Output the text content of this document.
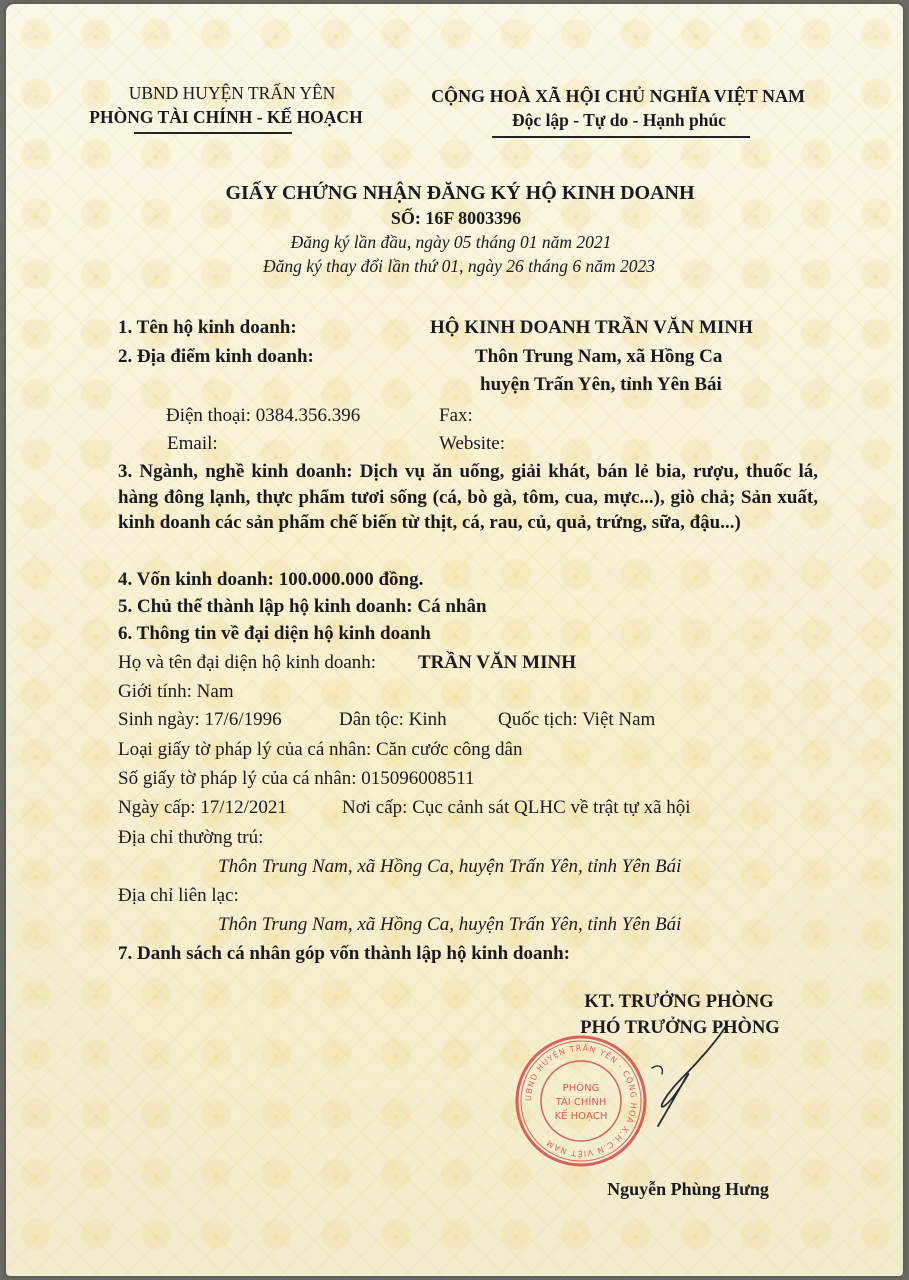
UBND HUYỆN TRẤN YÊN
PHÒNG TÀI CHÍNH - KẾ HOẠCH
CỘNG HOÀ XÃ HỘI CHỦ NGHĨA VIỆT NAM
Độc lập - Tự do - Hạnh phúc
GIẤY CHỨNG NHẬN ĐĂNG KÝ HỘ KINH DOANH
SỐ: 16F 8003396
Đăng ký lần đầu, ngày 05 tháng 01 năm 2021
Đăng ký thay đổi lần thứ 01, ngày 26 tháng 6 năm 2023
1. Tên hộ kinh doanh:	HỘ KINH DOANH TRẦN VĂN MINH
2. Địa điểm kinh doanh:	Thôn Trung Nam, xã Hồng Ca
huyện Trấn Yên, tỉnh Yên Bái
Điện thoại: 0384.356.396	Fax:
Email:	Website:
3. Ngành, nghề kinh doanh: Dịch vụ ăn uống, giải khát, bán lẻ bia, rượu, thuốc lá, hàng đông lạnh, thực phẩm tươi sống (cá, bò gà, tôm, cua, mực...), giò chả; Sản xuất, kinh doanh các sản phẩm chế biến từ thịt, cá, rau, củ, quả, trứng, sữa, đậu...)
4. Vốn kinh doanh: 100.000.000 đồng.
5. Chủ thể thành lập hộ kinh doanh: Cá nhân
6. Thông tin về đại diện hộ kinh doanh
Họ và tên đại diện hộ kinh doanh: TRẦN VĂN MINH
Giới tính: Nam
Sinh ngày: 17/6/1996	Dân tộc: Kinh	Quốc tịch: Việt Nam
Loại giấy tờ pháp lý của cá nhân: Căn cước công dân
Số giấy tờ pháp lý của cá nhân: 015096008511
Ngày cấp: 17/12/2021	Nơi cấp: Cục cảnh sát QLHC về trật tự xã hội
Địa chỉ thường trú:
Thôn Trung Nam, xã Hồng Ca, huyện Trấn Yên, tỉnh Yên Bái
Địa chỉ liên lạc:
Thôn Trung Nam, xã Hồng Ca, huyện Trấn Yên, tỉnh Yên Bái
7. Danh sách cá nhân góp vốn thành lập hộ kinh doanh:
KT. TRƯỞNG PHÒNG
PHÓ TRƯỞNG PHÒNG
UBND HUYỆN TRẤN YÊN - CỘNG HOÀ X.H.C.N VIỆT NAM
PHÒNG
TÀI CHÍNH
KẾ HOẠCH
Nguyễn Phùng Hưng
